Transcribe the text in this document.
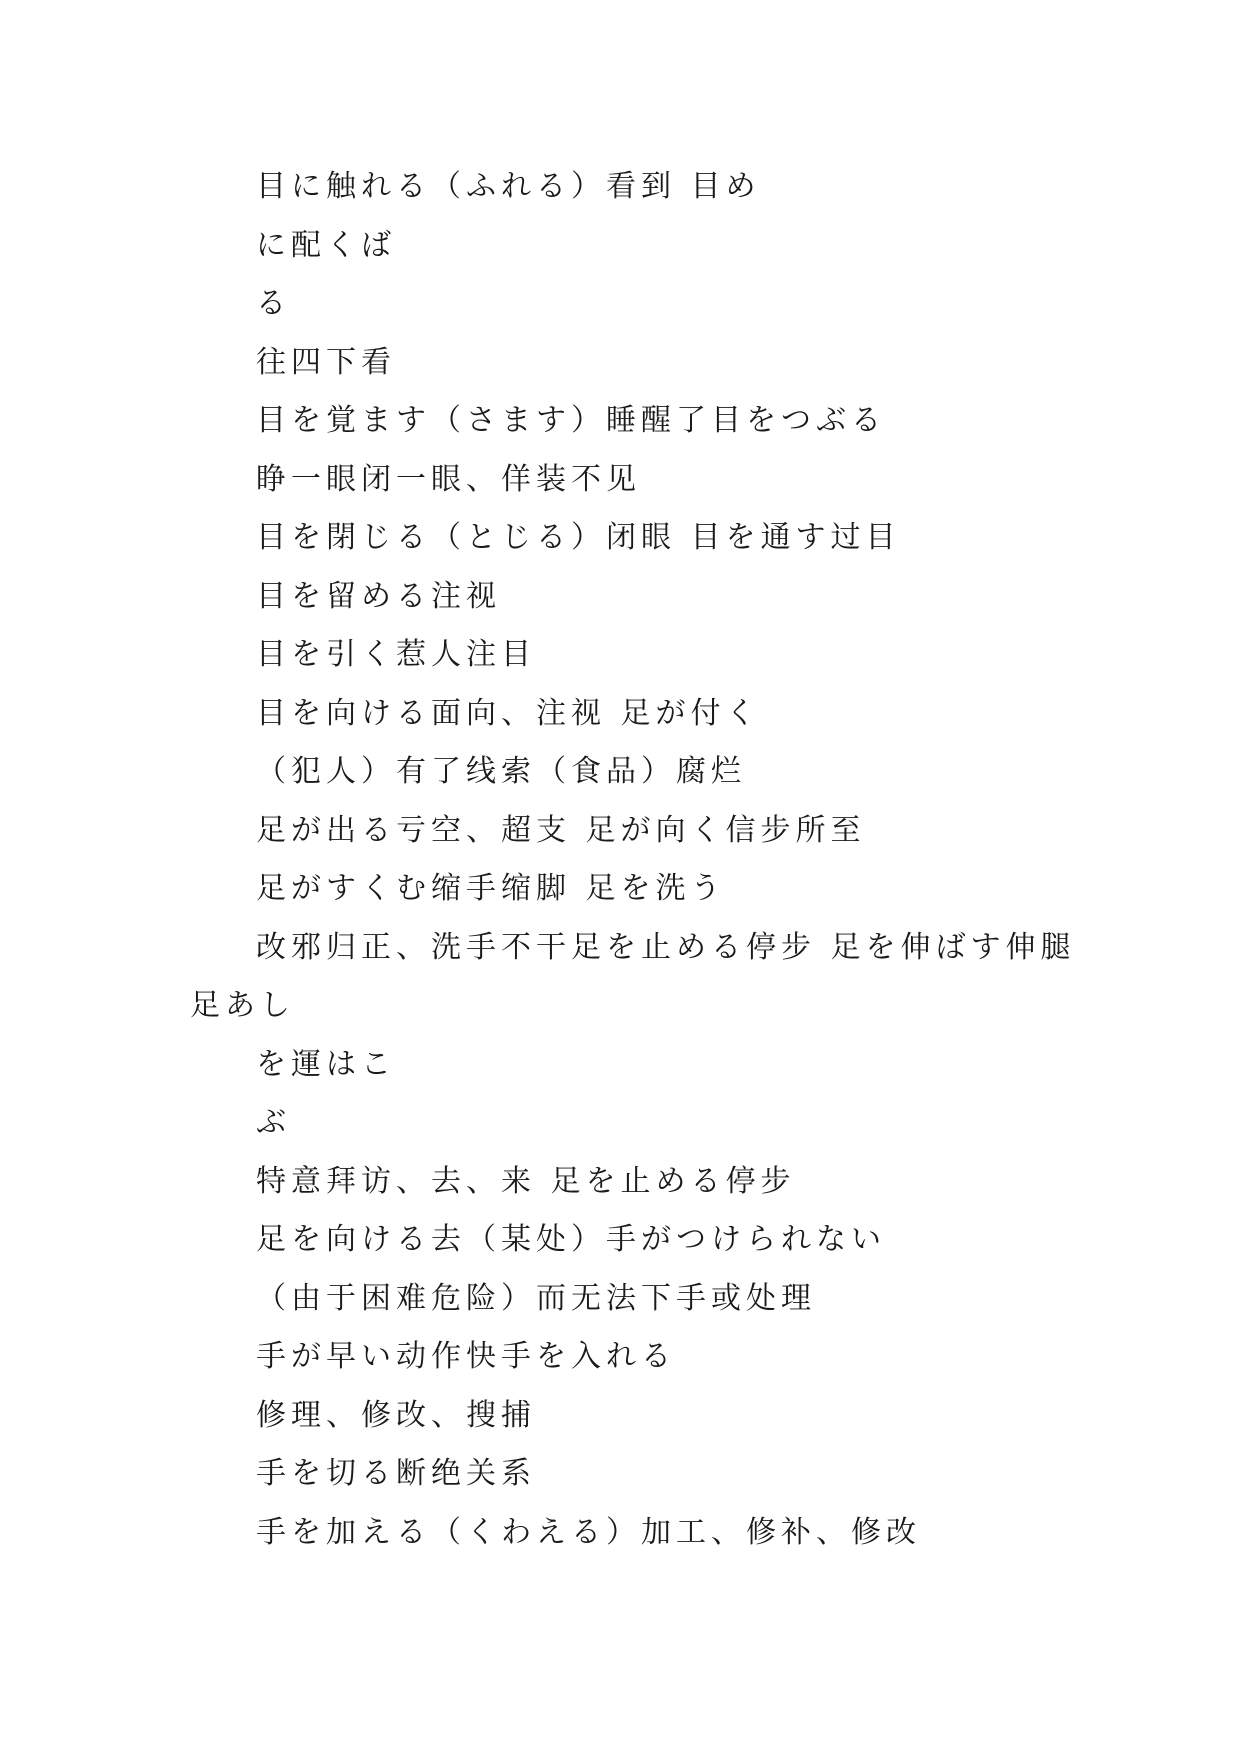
目に触れる（ふれる）看到 目め
に配くば
る
往四下看
目を覚ます（さます）睡醒了目をつぶる
睁一眼闭一眼、佯装不见
目を閉じる（とじる）闭眼 目を通す过目
目を留める注视
目を引く惹人注目
目を向ける面向、注视 足が付く
（犯人）有了线索（食品）腐烂
足が出る亏空、超支 足が向く信步所至
足がすくむ缩手缩脚 足を洗う
改邪归正、洗手不干足を止める停步 足を伸ばす伸腿
足あし
を運はこ
ぶ
特意拜访、去、来 足を止める停步
足を向ける去（某处）手がつけられない
（由于困难危险）而无法下手或处理
手が早い动作快手を入れる
修理、修改、搜捕
手を切る断绝关系
手を加える（くわえる）加工、修补、修改
